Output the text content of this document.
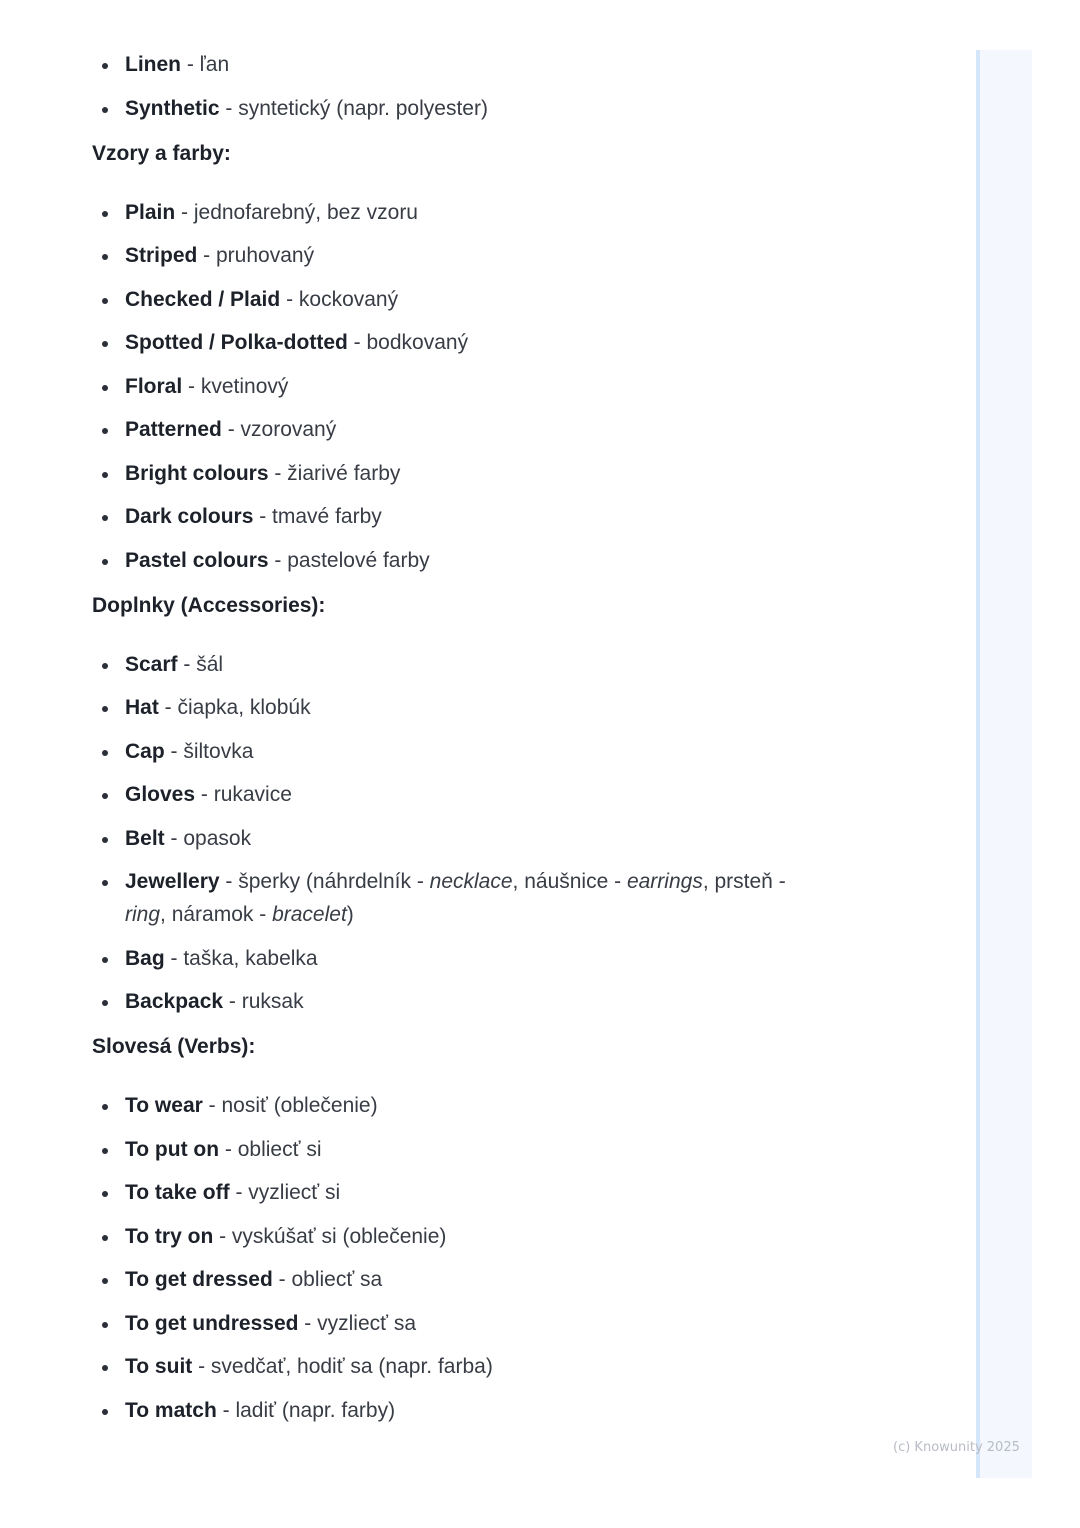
Linen - ľan
Synthetic - syntetický (napr. polyester)
Vzory a farby:
Plain - jednofarebný, bez vzoru
Striped - pruhovaný
Checked / Plaid - kockovaný
Spotted / Polka-dotted - bodkovaný
Floral - kvetinový
Patterned - vzorovaný
Bright colours - žiarivé farby
Dark colours - tmavé farby
Pastel colours - pastelové farby
Doplnky (Accessories):
Scarf - šál
Hat - čiapka, klobúk
Cap - šiltovka
Gloves - rukavice
Belt - opasok
Jewellery - šperky (náhrdelník - necklace, náušnice - earrings, prsteň - ring, náramok - bracelet)
Bag - taška, kabelka
Backpack - ruksak
Slovesá (Verbs):
To wear - nosiť (oblečenie)
To put on - obliecť si
To take off - vyzliecť si
To try on - vyskúšať si (oblečenie)
To get dressed - obliecť sa
To get undressed - vyzliecť sa
To suit - svedčať, hodiť sa (napr. farba)
To match - ladiť (napr. farby)
(c) Knowunity 2025
